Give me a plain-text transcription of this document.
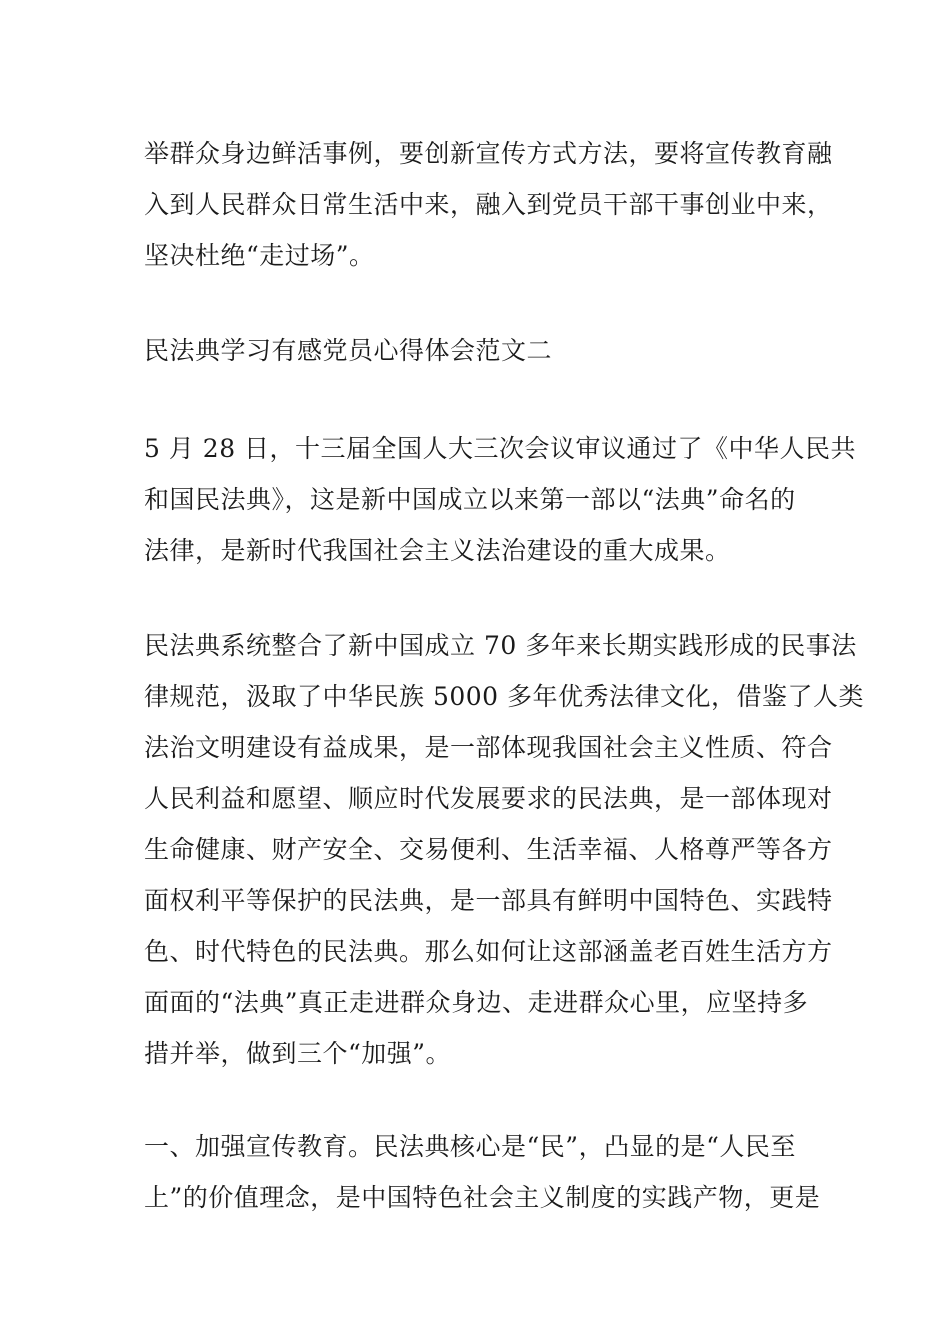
举群众身边鲜活事例，要创新宣传方式方法，要将宣传教育融
入到人民群众日常生活中来，融入到党员干部干事创业中来，
坚决杜绝“走过场”。
民法典学习有感党员心得体会范文二
5 月 28 日，十三届全国人大三次会议审议通过了《中华人民共
和国民法典》，这是新中国成立以来第一部以“法典”命名的
法律，是新时代我国社会主义法治建设的重大成果。
民法典系统整合了新中国成立 70 多年来长期实践形成的民事法
律规范，汲取了中华民族 5000 多年优秀法律文化，借鉴了人类
法治文明建设有益成果，是一部体现我国社会主义性质、符合
人民利益和愿望、顺应时代发展要求的民法典，是一部体现对
生命健康、财产安全、交易便利、生活幸福、人格尊严等各方
面权利平等保护的民法典，是一部具有鲜明中国特色、实践特
色、时代特色的民法典。那么如何让这部涵盖老百姓生活方方
面面的“法典”真正走进群众身边、走进群众心里，应坚持多
措并举，做到三个“加强”。
一、加强宣传教育。民法典核心是“民”，凸显的是“人民至
上”的价值理念，是中国特色社会主义制度的实践产物，更是
